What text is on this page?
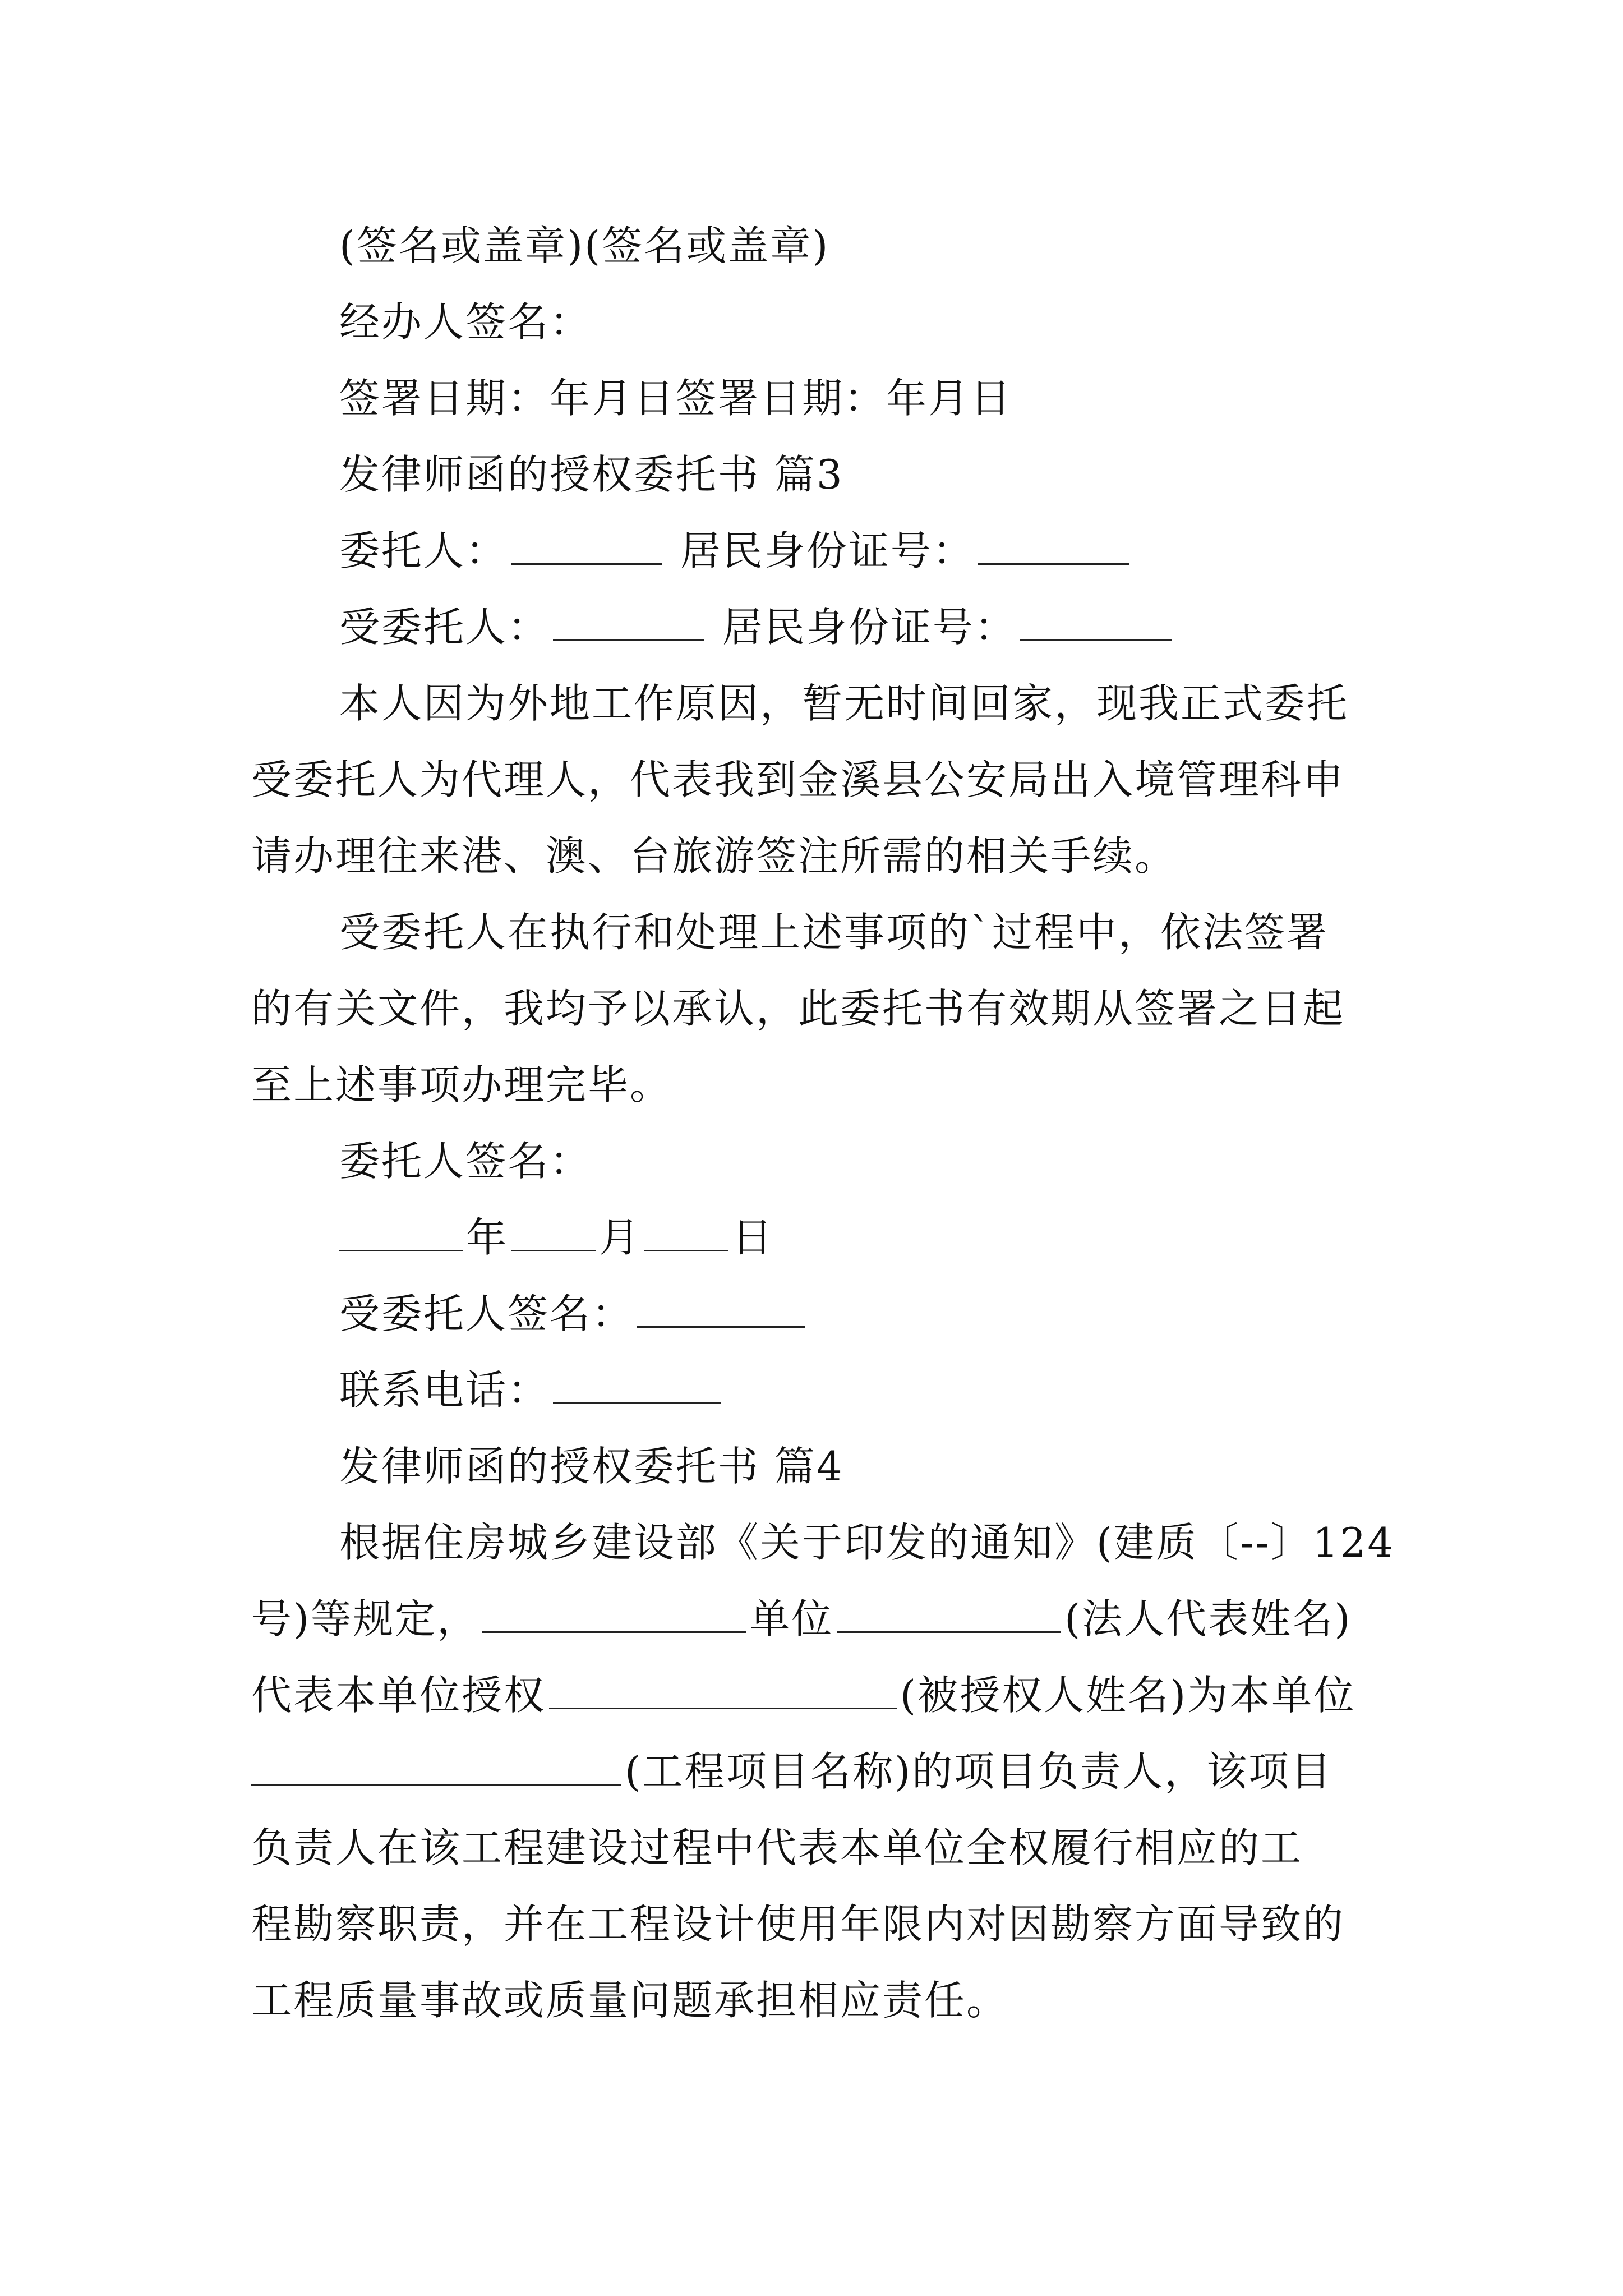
(签名或盖章)(签名或盖章)

经办人签名：

签署日期：年月日签署日期：年月日

发律师函的授权委托书 篇3

委托人：	居民身份证号：

受委托人：	居民身份证号：

本人因为外地工作原因，暂无时间回家，现我正式委托

受委托人为代理人，代表我到金溪县公安局出入境管理科申

请办理往来港、澳、台旅游签注所需的相关手续。

受委托人在执行和处理上述事项的`过程中，依法签署

的有关文件，我均予以承认，此委托书有效期从签署之日起

至上述事项办理完毕。

委托人签名：

年 月 日

受委托人签名：

联系电话：

发律师函的授权委托书 篇4

根据住房城乡建设部《关于印发的通知》(建质〔--〕124

号)等规定，	单位	(法人代表姓名)

代表本单位授权	(被授权人姓名)为本单位

(工程项目名称)的项目负责人，该项目

负责人在该工程建设过程中代表本单位全权履行相应的工

程勘察职责，并在工程设计使用年限内对因勘察方面导致的

工程质量事故或质量问题承担相应责任。
